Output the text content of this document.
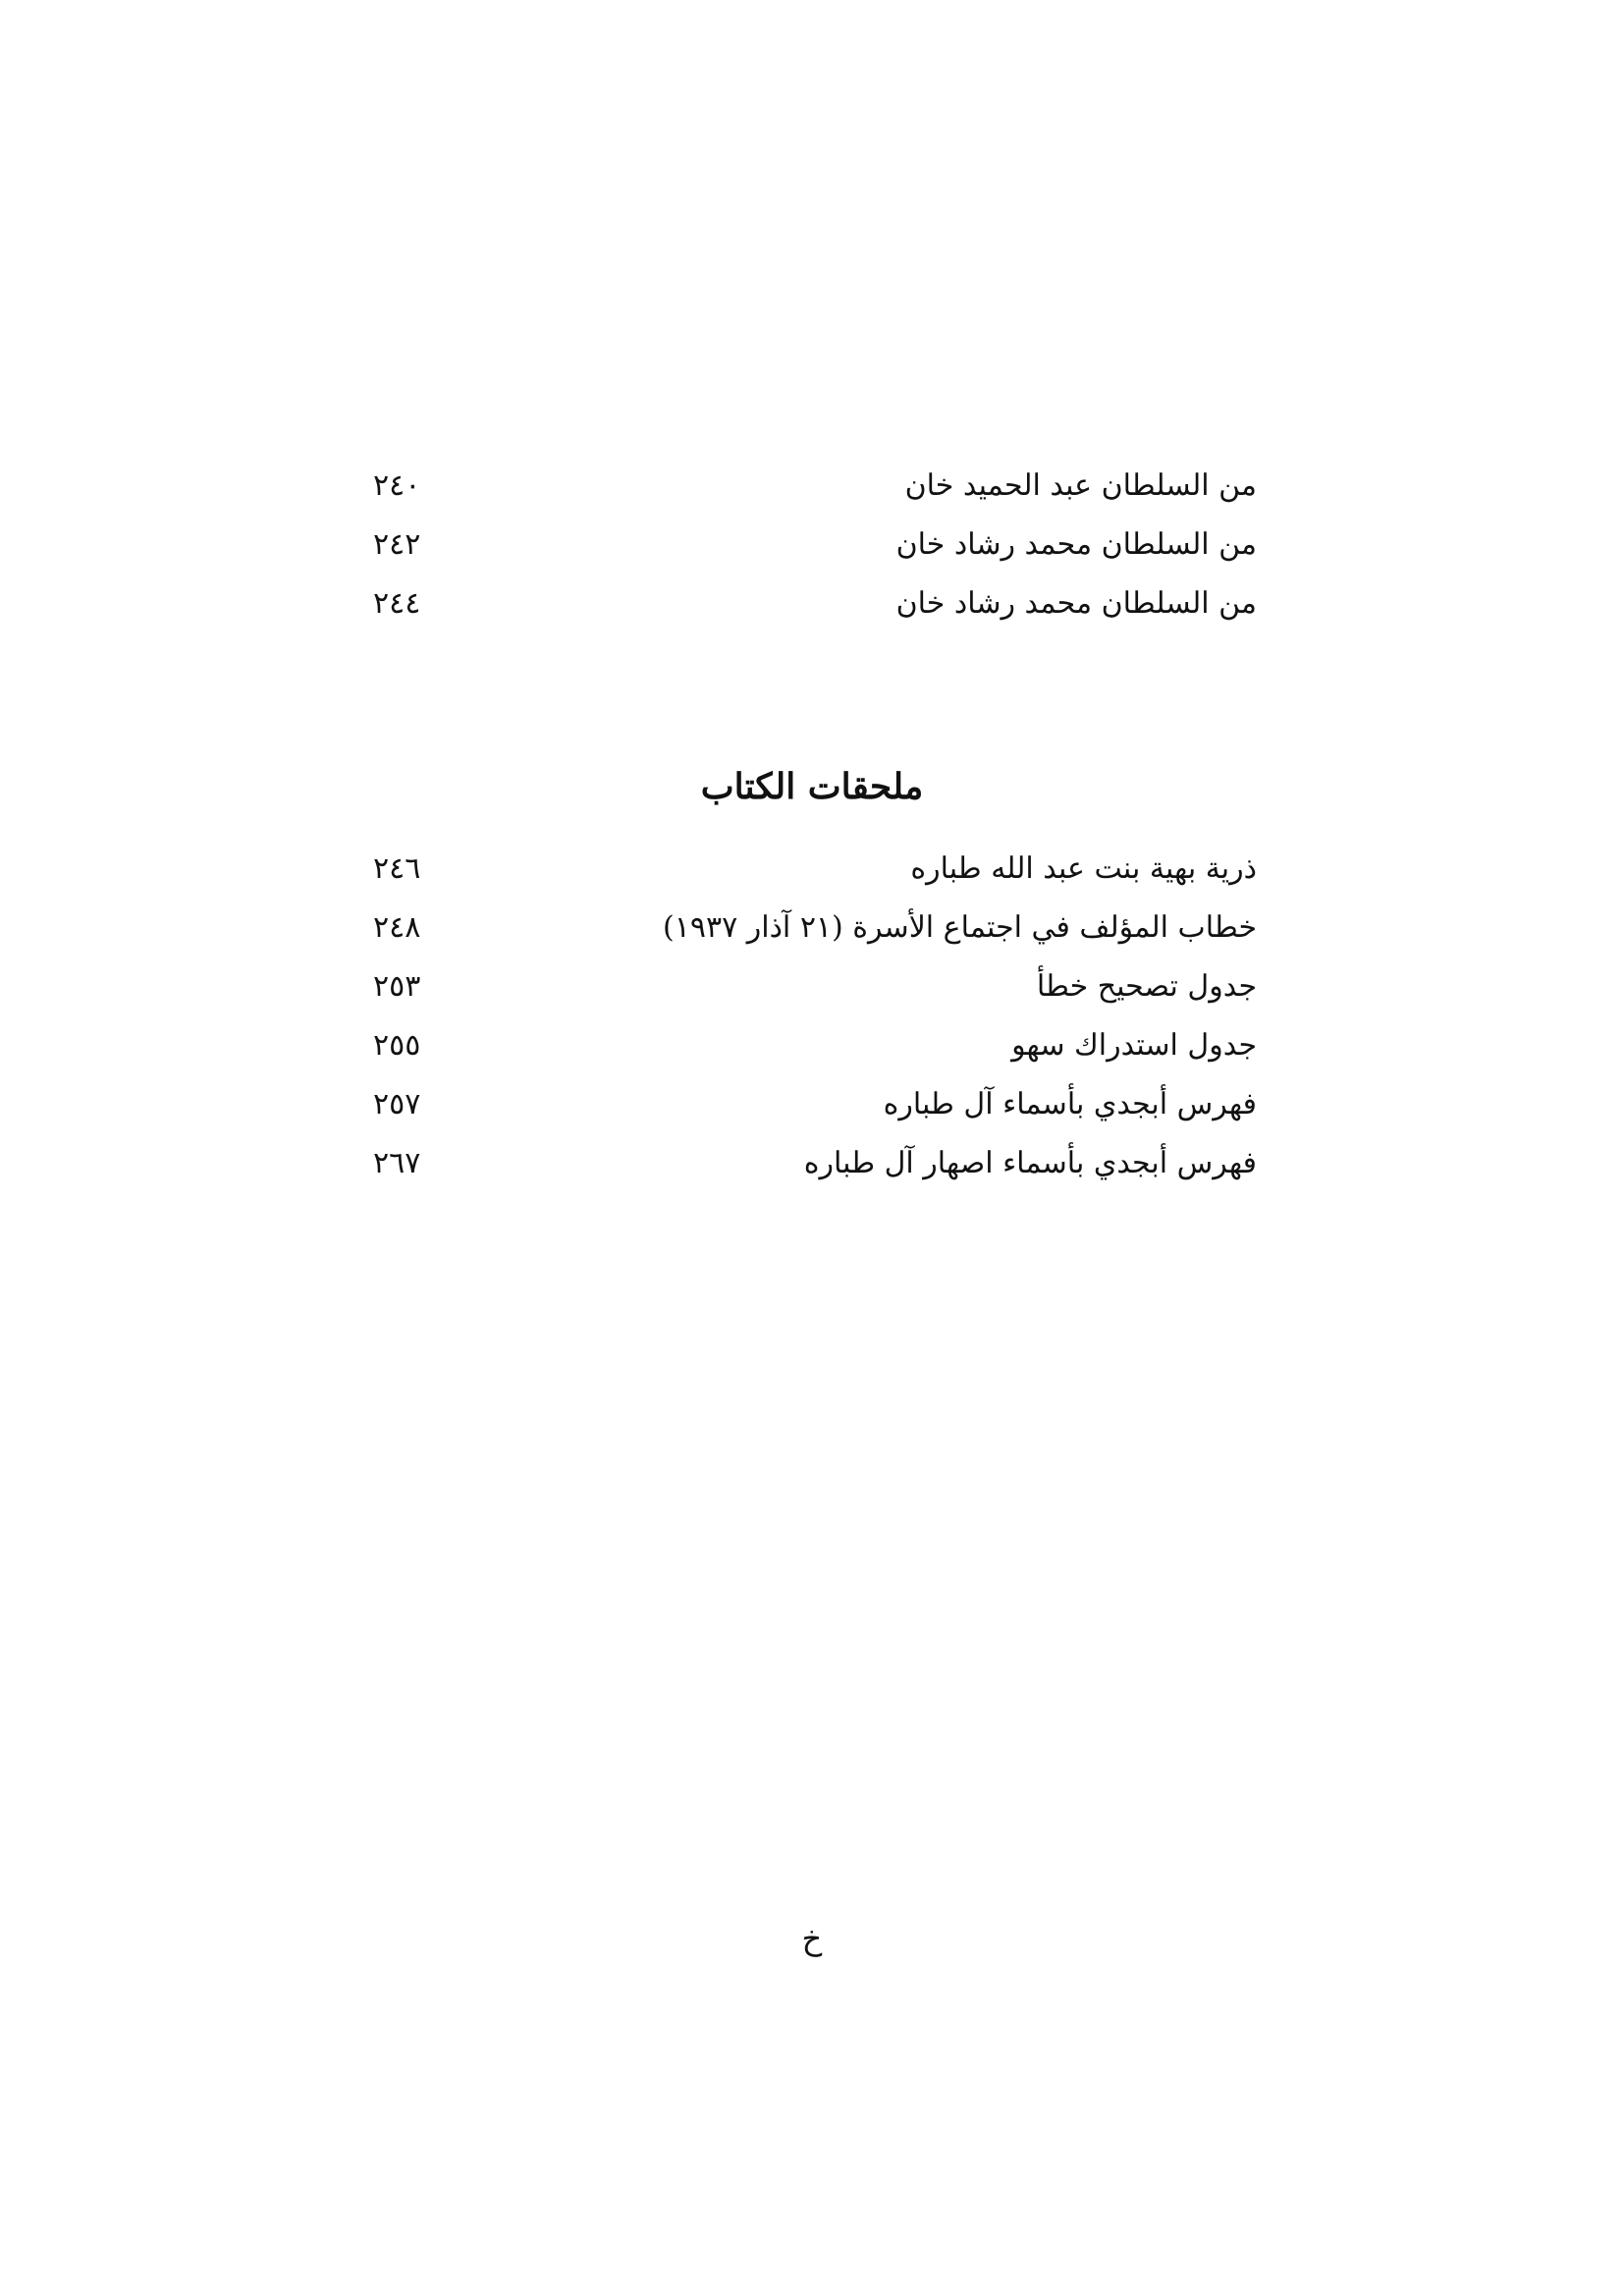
من السلطان عبد الحميد خان
٢٤٠
من السلطان محمد رشاد خان
٢٤٢
من السلطان محمد رشاد خان
٢٤٤
ملحقات الكتاب
ذرية بهية بنت عبد الله طباره
٢٤٦
خطاب المؤلف في اجتماع الأسرة (٢١ آذار ١٩٣٧)
٢٤٨
جدول تصحيح خطأ
٢٥٣
جدول استدراك سهو
٢٥٥
فهرس أبجدي بأسماء آل طباره
٢٥٧
فهرس أبجدي بأسماء اصهار آل طباره
٢٦٧
خ
